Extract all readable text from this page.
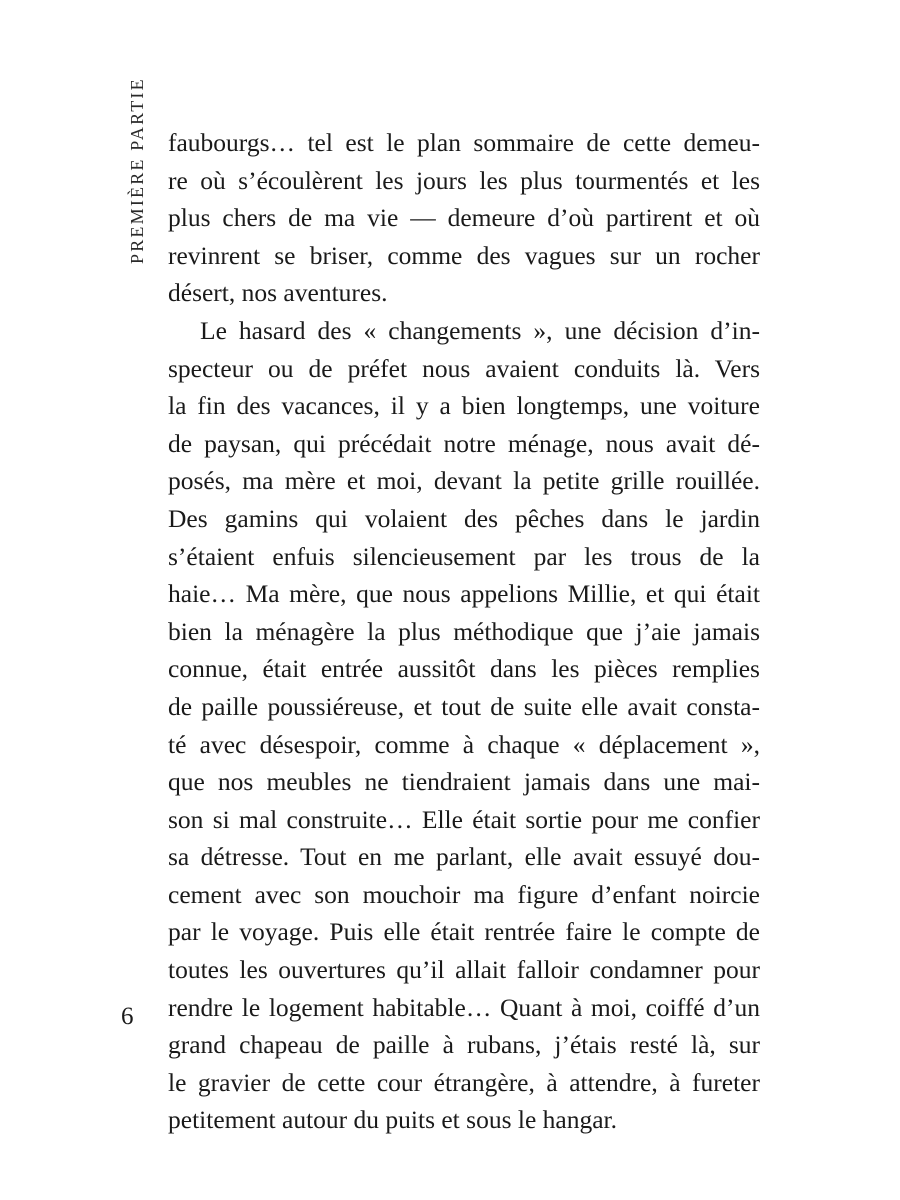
PREMIÈRE PARTIE faubourgs… tel est le plan sommaire de cette demeu-
re où s’écoulèrent les jours les plus tourmentés et les
plus chers de ma vie — demeure d’où partirent et où
revinrent se briser, comme des vagues sur un rocher
désert, nos aventures.
Le hasard des « changements », une décision d’in-
specteur ou de préfet nous avaient conduits là. Vers
la fin des vacances, il y a bien longtemps, une voiture
de paysan, qui précédait notre ménage, nous avait dé-
posés, ma mère et moi, devant la petite grille rouillée.
Des gamins qui volaient des pêches dans le jardin
s’étaient enfuis silencieusement par les trous de la
haie… Ma mère, que nous appelions Millie, et qui était
bien la ménagère la plus méthodique que j’aie jamais
connue, était entrée aussitôt dans les pièces remplies
de paille poussiéreuse, et tout de suite elle avait consta-
té avec désespoir, comme à chaque « déplacement »,
que nos meubles ne tiendraient jamais dans une mai-
son si mal construite… Elle était sortie pour me confier
sa détresse. Tout en me parlant, elle avait essuyé dou-
cement avec son mouchoir ma figure d’enfant noircie
par le voyage. Puis elle était rentrée faire le compte de
toutes les ouvertures qu’il allait falloir condamner pour
rendre le logement habitable… Quant à moi, coiffé d’un
grand chapeau de paille à rubans, j’étais resté là, sur
le gravier de cette cour étrangère, à attendre, à fureter
petitement autour du puits et sous le hangar.
6
